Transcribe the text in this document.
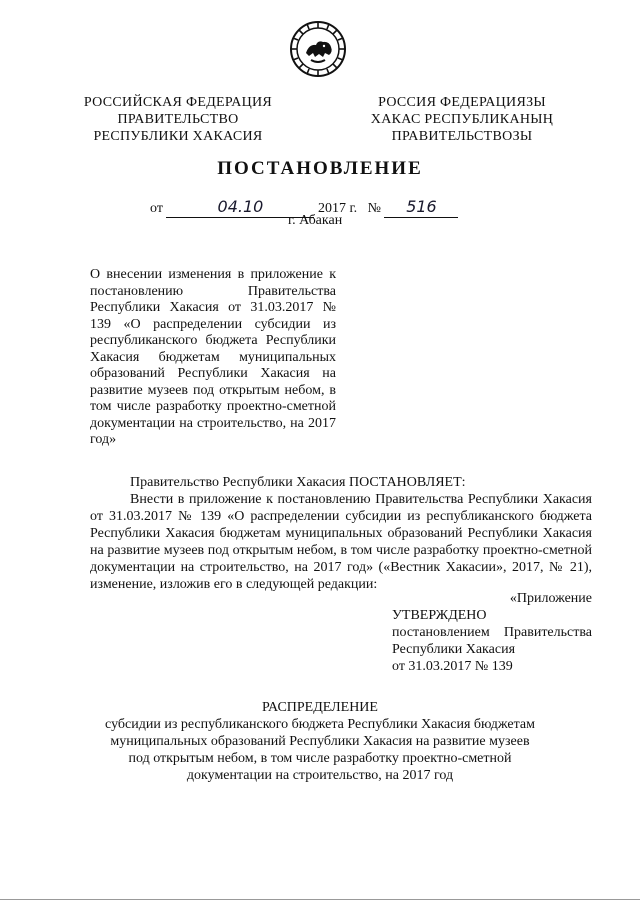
РОССИЙСКАЯ ФЕДЕРАЦИЯ
ПРАВИТЕЛЬСТВО
РЕСПУБЛИКИ ХАКАСИЯ
РОССИЯ ФЕДЕРАЦИЯЗЫ
ХАКАС РЕСПУБЛИКАНЫҢ
ПРАВИТЕЛЬСТВОЗЫ
ПОСТАНОВЛЕНИЕ
от	04.10	2017 г. № 516
г. Абакан
О внесении изменения в приложение к постановлению Правительства Республики Хакасия от 31.03.2017 № 139 «О распределении субсидии из республиканского бюджета Республики Хакасия бюджетам муниципальных образований Республики Хакасия на развитие музеев под открытым небом, в том числе разработку проектно-сметной документации на строительство, на 2017 год»
Правительство Республики Хакасия ПОСТАНОВЛЯЕТ:
Внести в приложение к постановлению Правительства Республики Хакасия от 31.03.2017 № 139 «О распределении субсидии из республиканского бюджета Республики Хакасия бюджетам муниципальных образований Республики Хакасия на развитие музеев под открытым небом, в том числе разработку проектно-сметной документации на строительство, на 2017 год» («Вестник Хакасии», 2017, № 21), изменение, изложив его в следующей редакции:
«Приложение
УТВЕРЖДЕНО
постановлением Правительства
Республики Хакасия
от 31.03.2017 № 139
РАСПРЕДЕЛЕНИЕ
субсидии из республиканского бюджета Республики Хакасия бюджетам
муниципальных образований Республики Хакасия на развитие музеев
под открытым небом, в том числе разработку проектно-сметной
документации на строительство, на 2017 год
